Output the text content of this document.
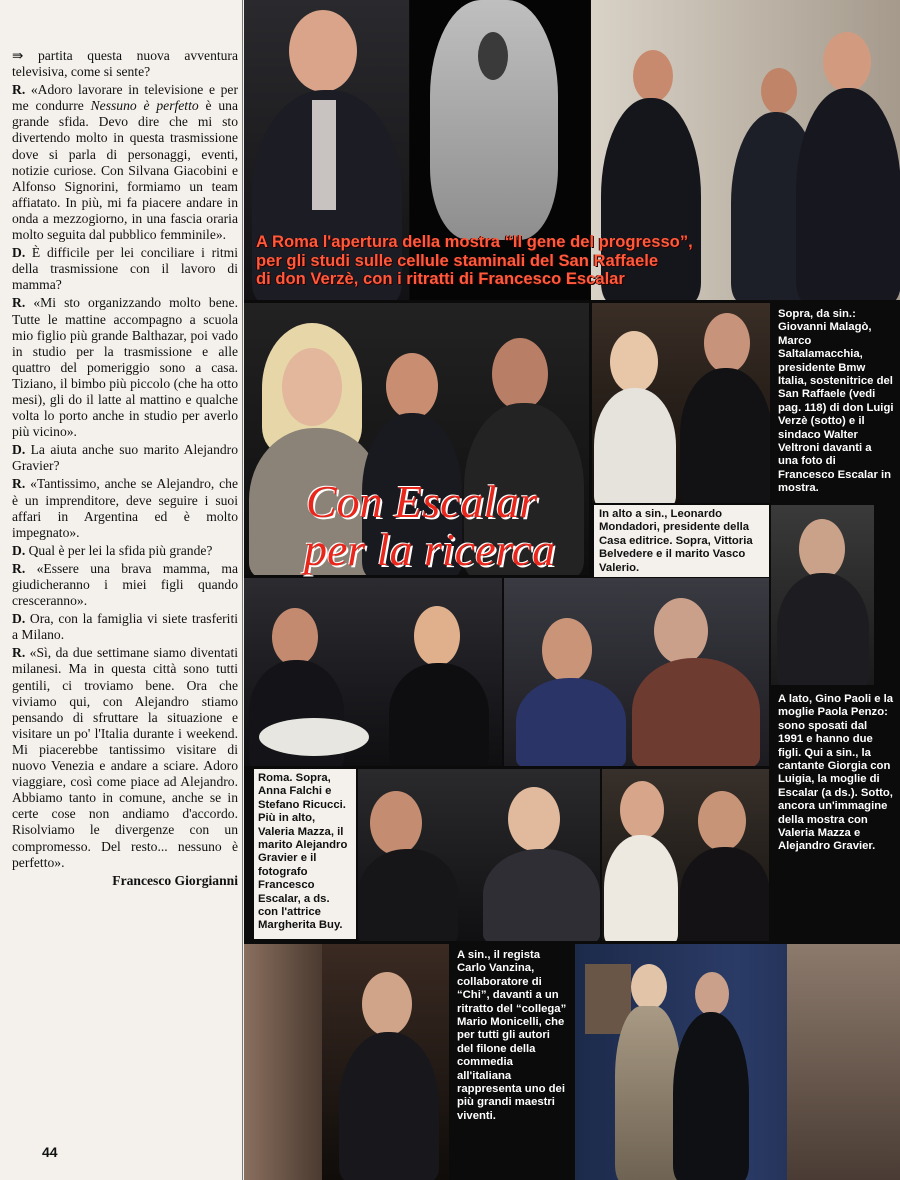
⇛ partita questa nuova avventura televisiva, come si sente?

R. «Adoro lavorare in televisione e per me condurre Nessuno è perfetto è una grande sfida. Devo dire che mi sto divertendo molto in questa trasmissione dove si parla di personaggi, eventi, notizie curiose. Con Silvana Giacobini e Alfonso Signorini, formiamo un team affiatato. In più, mi fa piacere andare in onda a mezzogiorno, in una fascia oraria molto seguita dal pubblico femminile».

D. È difficile per lei conciliare i ritmi della trasmissione con il lavoro di mamma?

R. «Mi sto organizzando molto bene. Tutte le mattine accompagno a scuola mio figlio più grande Balthazar, poi vado in studio per la trasmissione e alle quattro del pomeriggio sono a casa. Tiziano, il bimbo più piccolo (che ha otto mesi), gli do il latte al mattino e qualche volta lo porto anche in studio per averlo più vicino».

D. La aiuta anche suo marito Alejandro Gravier?

R. «Tantissimo, anche se Alejandro, che è un imprenditore, deve seguire i suoi affari in Argentina ed è molto impegnato».

D. Qual è per lei la sfida più grande?

R. «Essere una brava mamma, ma giudicheranno i miei figli quando cresceranno».

D. Ora, con la famiglia vi siete trasferiti a Milano.

R. «Sì, da due settimane siamo diventati milanesi. Ma in questa città sono tutti gentili, ci troviamo bene. Ora che viviamo qui, con Alejandro stiamo pensando di sfruttare la situazione e visitare un po' l'Italia durante i weekend. Mi piacerebbe tantissimo visitare di nuovo Venezia e andare a sciare. Adoro viaggiare, così come piace ad Alejandro. Abbiamo tanto in comune, anche se in certe cose non andiamo d'accordo. Risolviamo le divergenze con un compromesso. Del resto... nessuno è perfetto».

Francesco Giorgianni
44
A Roma l'apertura della mostra “Il gene del progresso”,
per gli studi sulle cellule staminali del San Raffaele
di don Verzè, con i ritratti di Francesco Escalar
Con Escalar
per la ricerca
Sopra, da sin.: Giovanni Malagò, Marco Saltalamacchia, presidente Bmw Italia, sostenitrice del San Raffaele (vedi pag. 118) di don Luigi Verzè (sotto) e il sindaco Walter Veltroni davanti a una foto di Francesco Escalar in mostra.
In alto a sin., Leonardo Mondadori, presidente della Casa editrice. Sopra, Vittoria Belvedere e il marito Vasco Valerio.
A lato, Gino Paoli e la moglie Paola Penzo: sono sposati dal 1991 e hanno due figli. Qui a sin., la cantante Giorgia con Luigia, la moglie di Escalar (a ds.). Sotto, ancora un'immagine della mostra con Valeria Mazza e Alejandro Gravier.
Roma. Sopra, Anna Falchi e Stefano Ricucci. Più in alto, Valeria Mazza, il marito Alejandro Gravier e il fotografo Francesco Escalar, a ds. con l'attrice Margherita Buy.
A sin., il regista Carlo Vanzina, collaboratore di “Chi”, davanti a un ritratto del “collega” Mario Monicelli, che per tutti gli autori del filone della commedia all'italiana rappresenta uno dei più grandi maestri viventi.
